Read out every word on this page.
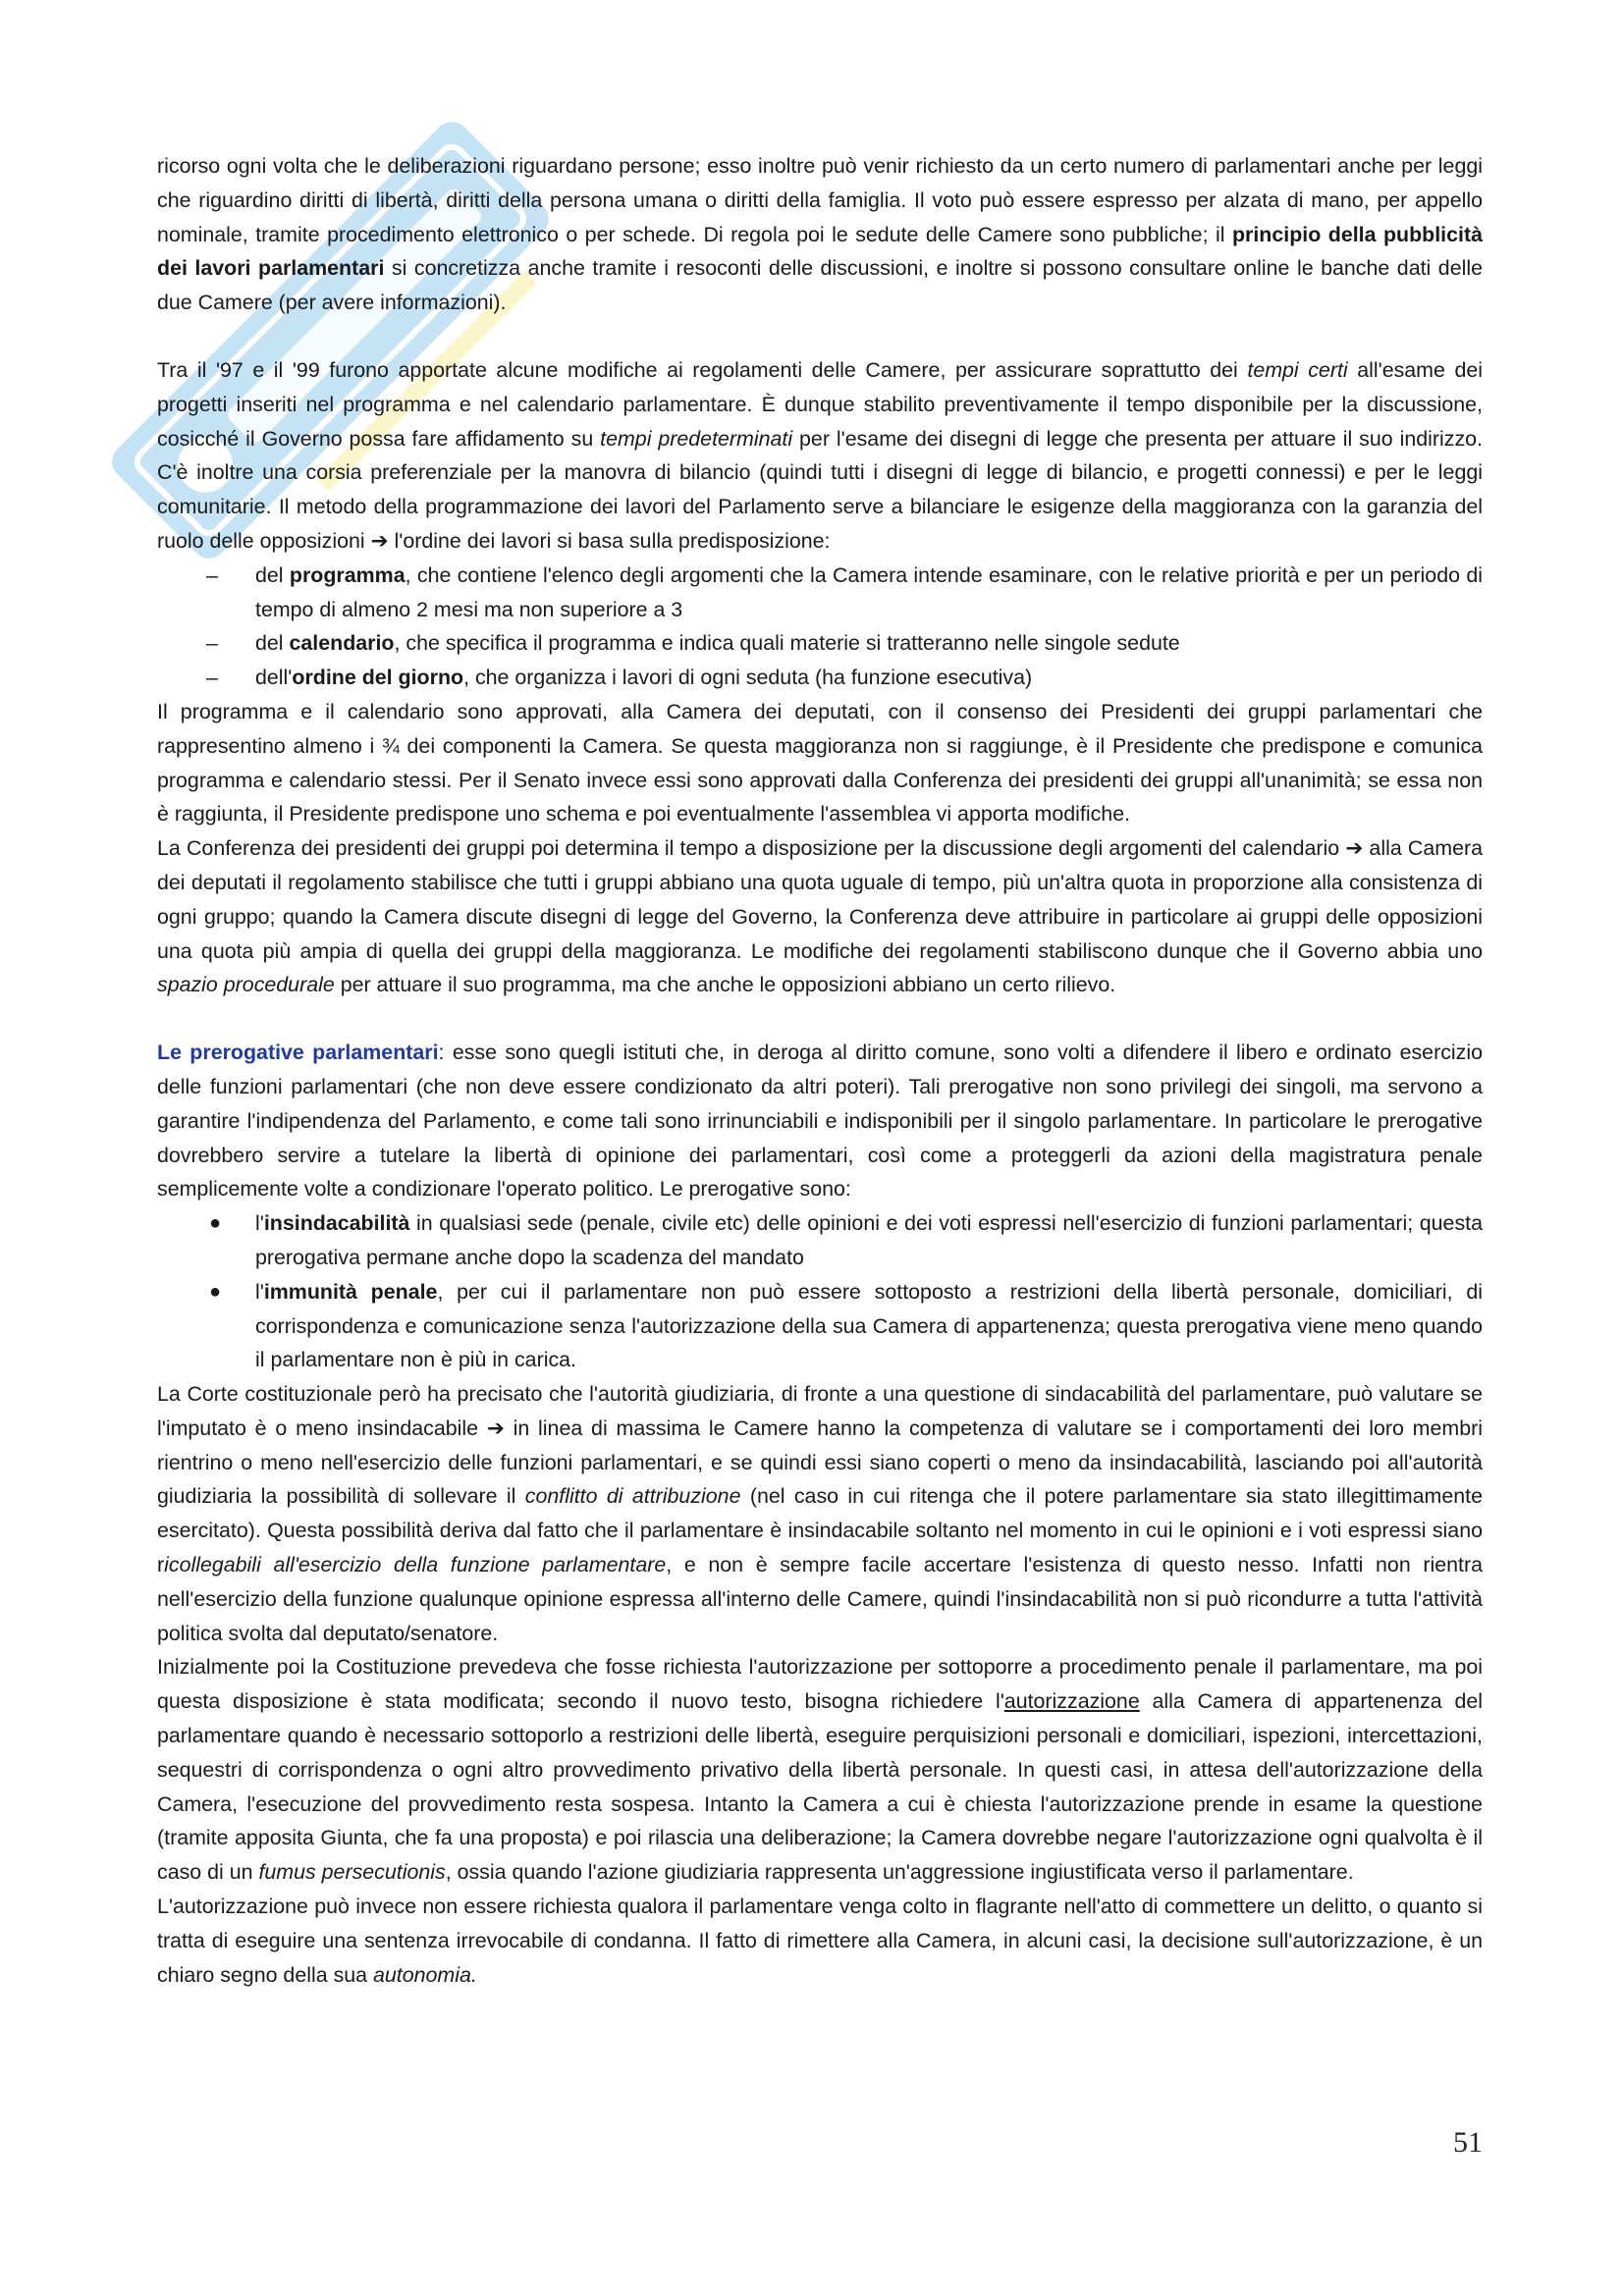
ricorso ogni volta che le deliberazioni riguardano persone; esso inoltre può venir richiesto da un certo numero di parlamentari anche per leggi che riguardino diritti di libertà, diritti della persona umana o diritti della famiglia. Il voto può essere espresso per alzata di mano, per appello nominale, tramite procedimento elettronico o per schede. Di regola poi le sedute delle Camere sono pubbliche; il principio della pubblicità dei lavori parlamentari si concretizza anche tramite i resoconti delle discussioni, e inoltre si possono consultare online le banche dati delle due Camere (per avere informazioni).

Tra il '97 e il '99 furono apportate alcune modifiche ai regolamenti delle Camere, per assicurare soprattutto dei tempi certi all'esame dei progetti inseriti nel programma e nel calendario parlamentare. È dunque stabilito preventivamente il tempo disponibile per la discussione, cosicché il Governo possa fare affidamento su tempi predeterminati per l'esame dei disegni di legge che presenta per attuare il suo indirizzo. C'è inoltre una corsia preferenziale per la manovra di bilancio (quindi tutti i disegni di legge di bilancio, e progetti connessi) e per le leggi comunitarie. Il metodo della programmazione dei lavori del Parlamento serve a bilanciare le esigenze della maggioranza con la garanzia del ruolo delle opposizioni ➔ l'ordine dei lavori si basa sulla predisposizione:

– del programma, che contiene l'elenco degli argomenti che la Camera intende esaminare, con le relative priorità e per un periodo di tempo di almeno 2 mesi ma non superiore a 3
– del calendario, che specifica il programma e indica quali materie si tratteranno nelle singole sedute
– dell'ordine del giorno, che organizza i lavori di ogni seduta (ha funzione esecutiva)

Il programma e il calendario sono approvati, alla Camera dei deputati, con il consenso dei Presidenti dei gruppi parlamentari che rappresentino almeno i ¾ dei componenti la Camera. Se questa maggioranza non si raggiunge, è il Presidente che predispone e comunica programma e calendario stessi. Per il Senato invece essi sono approvati dalla Conferenza dei presidenti dei gruppi all'unanimità; se essa non è raggiunta, il Presidente predispone uno schema e poi eventualmente l'assemblea vi apporta modifiche.

La Conferenza dei presidenti dei gruppi poi determina il tempo a disposizione per la discussione degli argomenti del calendario ➔ alla Camera dei deputati il regolamento stabilisce che tutti i gruppi abbiano una quota uguale di tempo, più un'altra quota in proporzione alla consistenza di ogni gruppo; quando la Camera discute disegni di legge del Governo, la Conferenza deve attribuire in particolare ai gruppi delle opposizioni una quota più ampia di quella dei gruppi della maggioranza. Le modifiche dei regolamenti stabiliscono dunque che il Governo abbia uno spazio procedurale per attuare il suo programma, ma che anche le opposizioni abbiano un certo rilievo.

Le prerogative parlamentari: esse sono quegli istituti che, in deroga al diritto comune, sono volti a difendere il libero e ordinato esercizio delle funzioni parlamentari (che non deve essere condizionato da altri poteri). Tali prerogative non sono privilegi dei singoli, ma servono a garantire l'indipendenza del Parlamento, e come tali sono irrinunciabili e indisponibili per il singolo parlamentare. In particolare le prerogative dovrebbero servire a tutelare la libertà di opinione dei parlamentari, così come a proteggerli da azioni della magistratura penale semplicemente volte a condizionare l'operato politico. Le prerogative sono:

● l'insindacabilità in qualsiasi sede (penale, civile etc) delle opinioni e dei voti espressi nell'esercizio di funzioni parlamentari; questa prerogativa permane anche dopo la scadenza del mandato
● l'immunità penale, per cui il parlamentare non può essere sottoposto a restrizioni della libertà personale, domiciliari, di corrispondenza e comunicazione senza l'autorizzazione della sua Camera di appartenenza; questa prerogativa viene meno quando il parlamentare non è più in carica.

La Corte costituzionale però ha precisato che l'autorità giudiziaria, di fronte a una questione di sindacabilità del parlamentare, può valutare se l'imputato è o meno insindacabile ➔ in linea di massima le Camere hanno la competenza di valutare se i comportamenti dei loro membri rientrino o meno nell'esercizio delle funzioni parlamentari, e se quindi essi siano coperti o meno da insindacabilità, lasciando poi all'autorità giudiziaria la possibilità di sollevare il conflitto di attribuzione (nel caso in cui ritenga che il potere parlamentare sia stato illegittimamente esercitato). Questa possibilità deriva dal fatto che il parlamentare è insindacabile soltanto nel momento in cui le opinioni e i voti espressi siano ricollegabili all'esercizio della funzione parlamentare, e non è sempre facile accertare l'esistenza di questo nesso. Infatti non rientra nell'esercizio della funzione qualunque opinione espressa all'interno delle Camere, quindi l'insindacabilità non si può ricondurre a tutta l'attività politica svolta dal deputato/senatore.

Inizialmente poi la Costituzione prevedeva che fosse richiesta l'autorizzazione per sottoporre a procedimento penale il parlamentare, ma poi questa disposizione è stata modificata; secondo il nuovo testo, bisogna richiedere l'autorizzazione alla Camera di appartenenza del parlamentare quando è necessario sottoporlo a restrizioni delle libertà, eseguire perquisizioni personali e domiciliari, ispezioni, intercettazioni, sequestri di corrispondenza o ogni altro provvedimento privativo della libertà personale. In questi casi, in attesa dell'autorizzazione della Camera, l'esecuzione del provvedimento resta sospesa. Intanto la Camera a cui è chiesta l'autorizzazione prende in esame la questione (tramite apposita Giunta, che fa una proposta) e poi rilascia una deliberazione; la Camera dovrebbe negare l'autorizzazione ogni qualvolta è il caso di un fumus persecutionis, ossia quando l'azione giudiziaria rappresenta un'aggressione ingiustificata verso il parlamentare.

L'autorizzazione può invece non essere richiesta qualora il parlamentare venga colto in flagrante nell'atto di commettere un delitto, o quanto si tratta di eseguire una sentenza irrevocabile di condanna. Il fatto di rimettere alla Camera, in alcuni casi, la decisione sull'autorizzazione, è un chiaro segno della sua autonomia.

51
